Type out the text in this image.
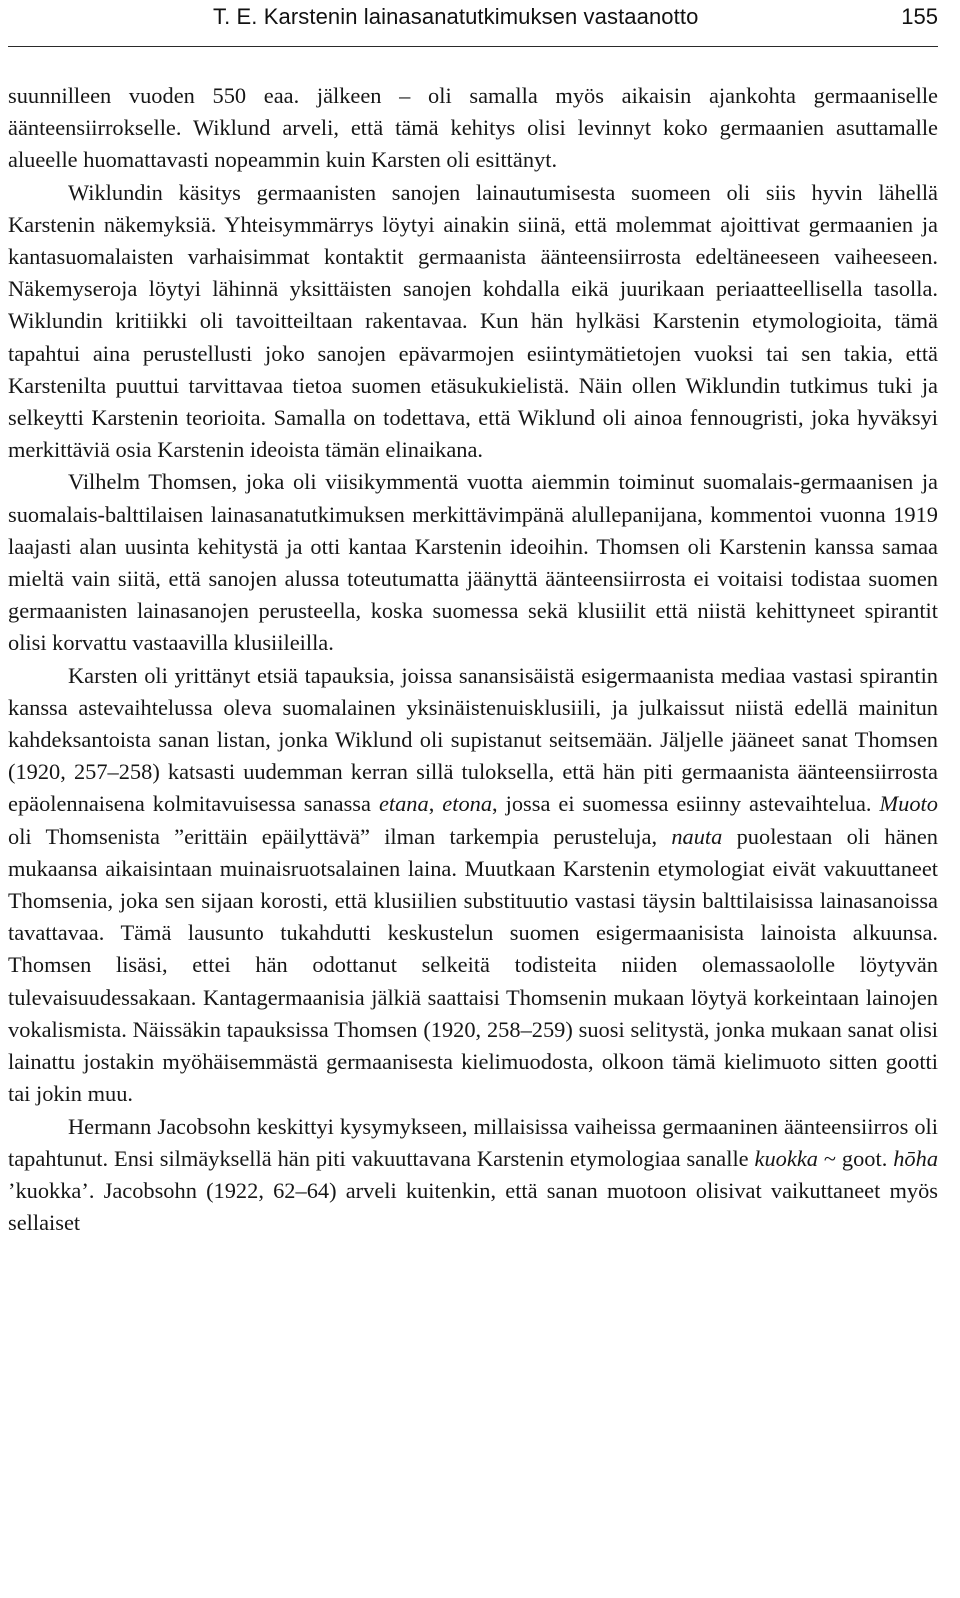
T. E. Karstenin lainasanatutkimuksen vastaanotto	155

suunnilleen vuoden 550 eaa. jälkeen – oli samalla myös aikaisin ajankohta germaaniselle äänteensiirrokselle. Wiklund arveli, että tämä kehitys olisi levinnyt koko germaanien asuttamalle alueelle huomattavasti nopeammin kuin Karsten oli esittänyt.

Wiklundin käsitys germaanisten sanojen lainautumisesta suomeen oli siis hyvin lähellä Karstenin näkemyksiä. Yhteisymmärrys löytyi ainakin siinä, että molemmat ajoittivat germaanien ja kantasuomalaisten varhaisimmat kontaktit germaanista äänteensiirrosta edeltäneeseen vaiheeseen. Näkemyseroja löytyi lähinnä yksittäisten sanojen kohdalla eikä juurikaan periaatteellisella tasolla. Wiklundin kritiikki oli tavoitteiltaan rakentavaa. Kun hän hylkäsi Karstenin etymologioita, tämä tapahtui aina perustellusti joko sanojen epävarmojen esiintymätietojen vuoksi tai sen takia, että Karstenilta puuttui tarvittavaa tietoa suomen etäsukukielistä. Näin ollen Wiklundin tutkimus tuki ja selkeytti Karstenin teorioita. Samalla on todettava, että Wiklund oli ainoa fennougristi, joka hyväksyi merkittäviä osia Karstenin ideoista tämän elinaikana.

Vilhelm Thomsen, joka oli viisikymmentä vuotta aiemmin toiminut suomalais-germaanisen ja suomalais-balttilaisen lainasanatutkimuksen merkittävimpänä alullepanijana, kommentoi vuonna 1919 laajasti alan uusinta kehitystä ja otti kantaa Karstenin ideoihin. Thomsen oli Karstenin kanssa samaa mieltä vain siitä, että sanojen alussa toteutumatta jäänyttä äänteensiirrosta ei voitaisi todistaa suomen germaanisten lainasanojen perusteella, koska suomessa sekä klusiilit että niistä kehittyneet spirantit olisi korvattu vastaavilla klusiileilla.

Karsten oli yrittänyt etsiä tapauksia, joissa sanansisäistä esigermaanista mediaa vastasi spirantin kanssa astevaihtelussa oleva suomalainen yksinäistenuisklusiili, ja julkaissut niistä edellä mainitun kahdeksantoista sanan listan, jonka Wiklund oli supistanut seitsemään. Jäljelle jääneet sanat Thomsen (1920, 257–258) katsasti uudemman kerran sillä tuloksella, että hän piti germaanista äänteensiirrosta epäolennaisena kolmitavuisessa sanassa etana, etona, jossa ei suomessa esiinny astevaihtelua. Muoto oli Thomsenista ”erittäin epäilyttävä” ilman tarkempia perusteluja, nauta puolestaan oli hänen mukaansa aikaisintaan muinaisruotsalainen laina. Muutkaan Karstenin etymologiat eivät vakuuttaneet Thomsenia, joka sen sijaan korosti, että klusiilien substituutio vastasi täysin balttilaisissa lainasanoissa tavattavaa. Tämä lausunto tukahdutti keskustelun suomen esigermaanisista lainoista alkuunsa. Thomsen lisäsi, ettei hän odottanut selkeitä todisteita niiden olemassaololle löytyvän tulevaisuudessakaan. Kantagermaanisia jälkiä saattaisi Thomsenin mukaan löytyä korkeintaan lainojen vokalismista. Näissäkin tapauksissa Thomsen (1920, 258–259) suosi selitystä, jonka mukaan sanat olisi lainattu jostakin myöhäisemmästä germaanisesta kielimuodosta, olkoon tämä kielimuoto sitten gootti tai jokin muu.

Hermann Jacobsohn keskittyi kysymykseen, millaisissa vaiheissa germaaninen äänteensiirros oli tapahtunut. Ensi silmäyksellä hän piti vakuuttavana Karstenin etymologiaa sanalle kuokka ~ goot. hōha ’kuokka’. Jacobsohn (1922, 62–64) arveli kuitenkin, että sanan muotoon olisivat vaikuttaneet myös sellaiset
